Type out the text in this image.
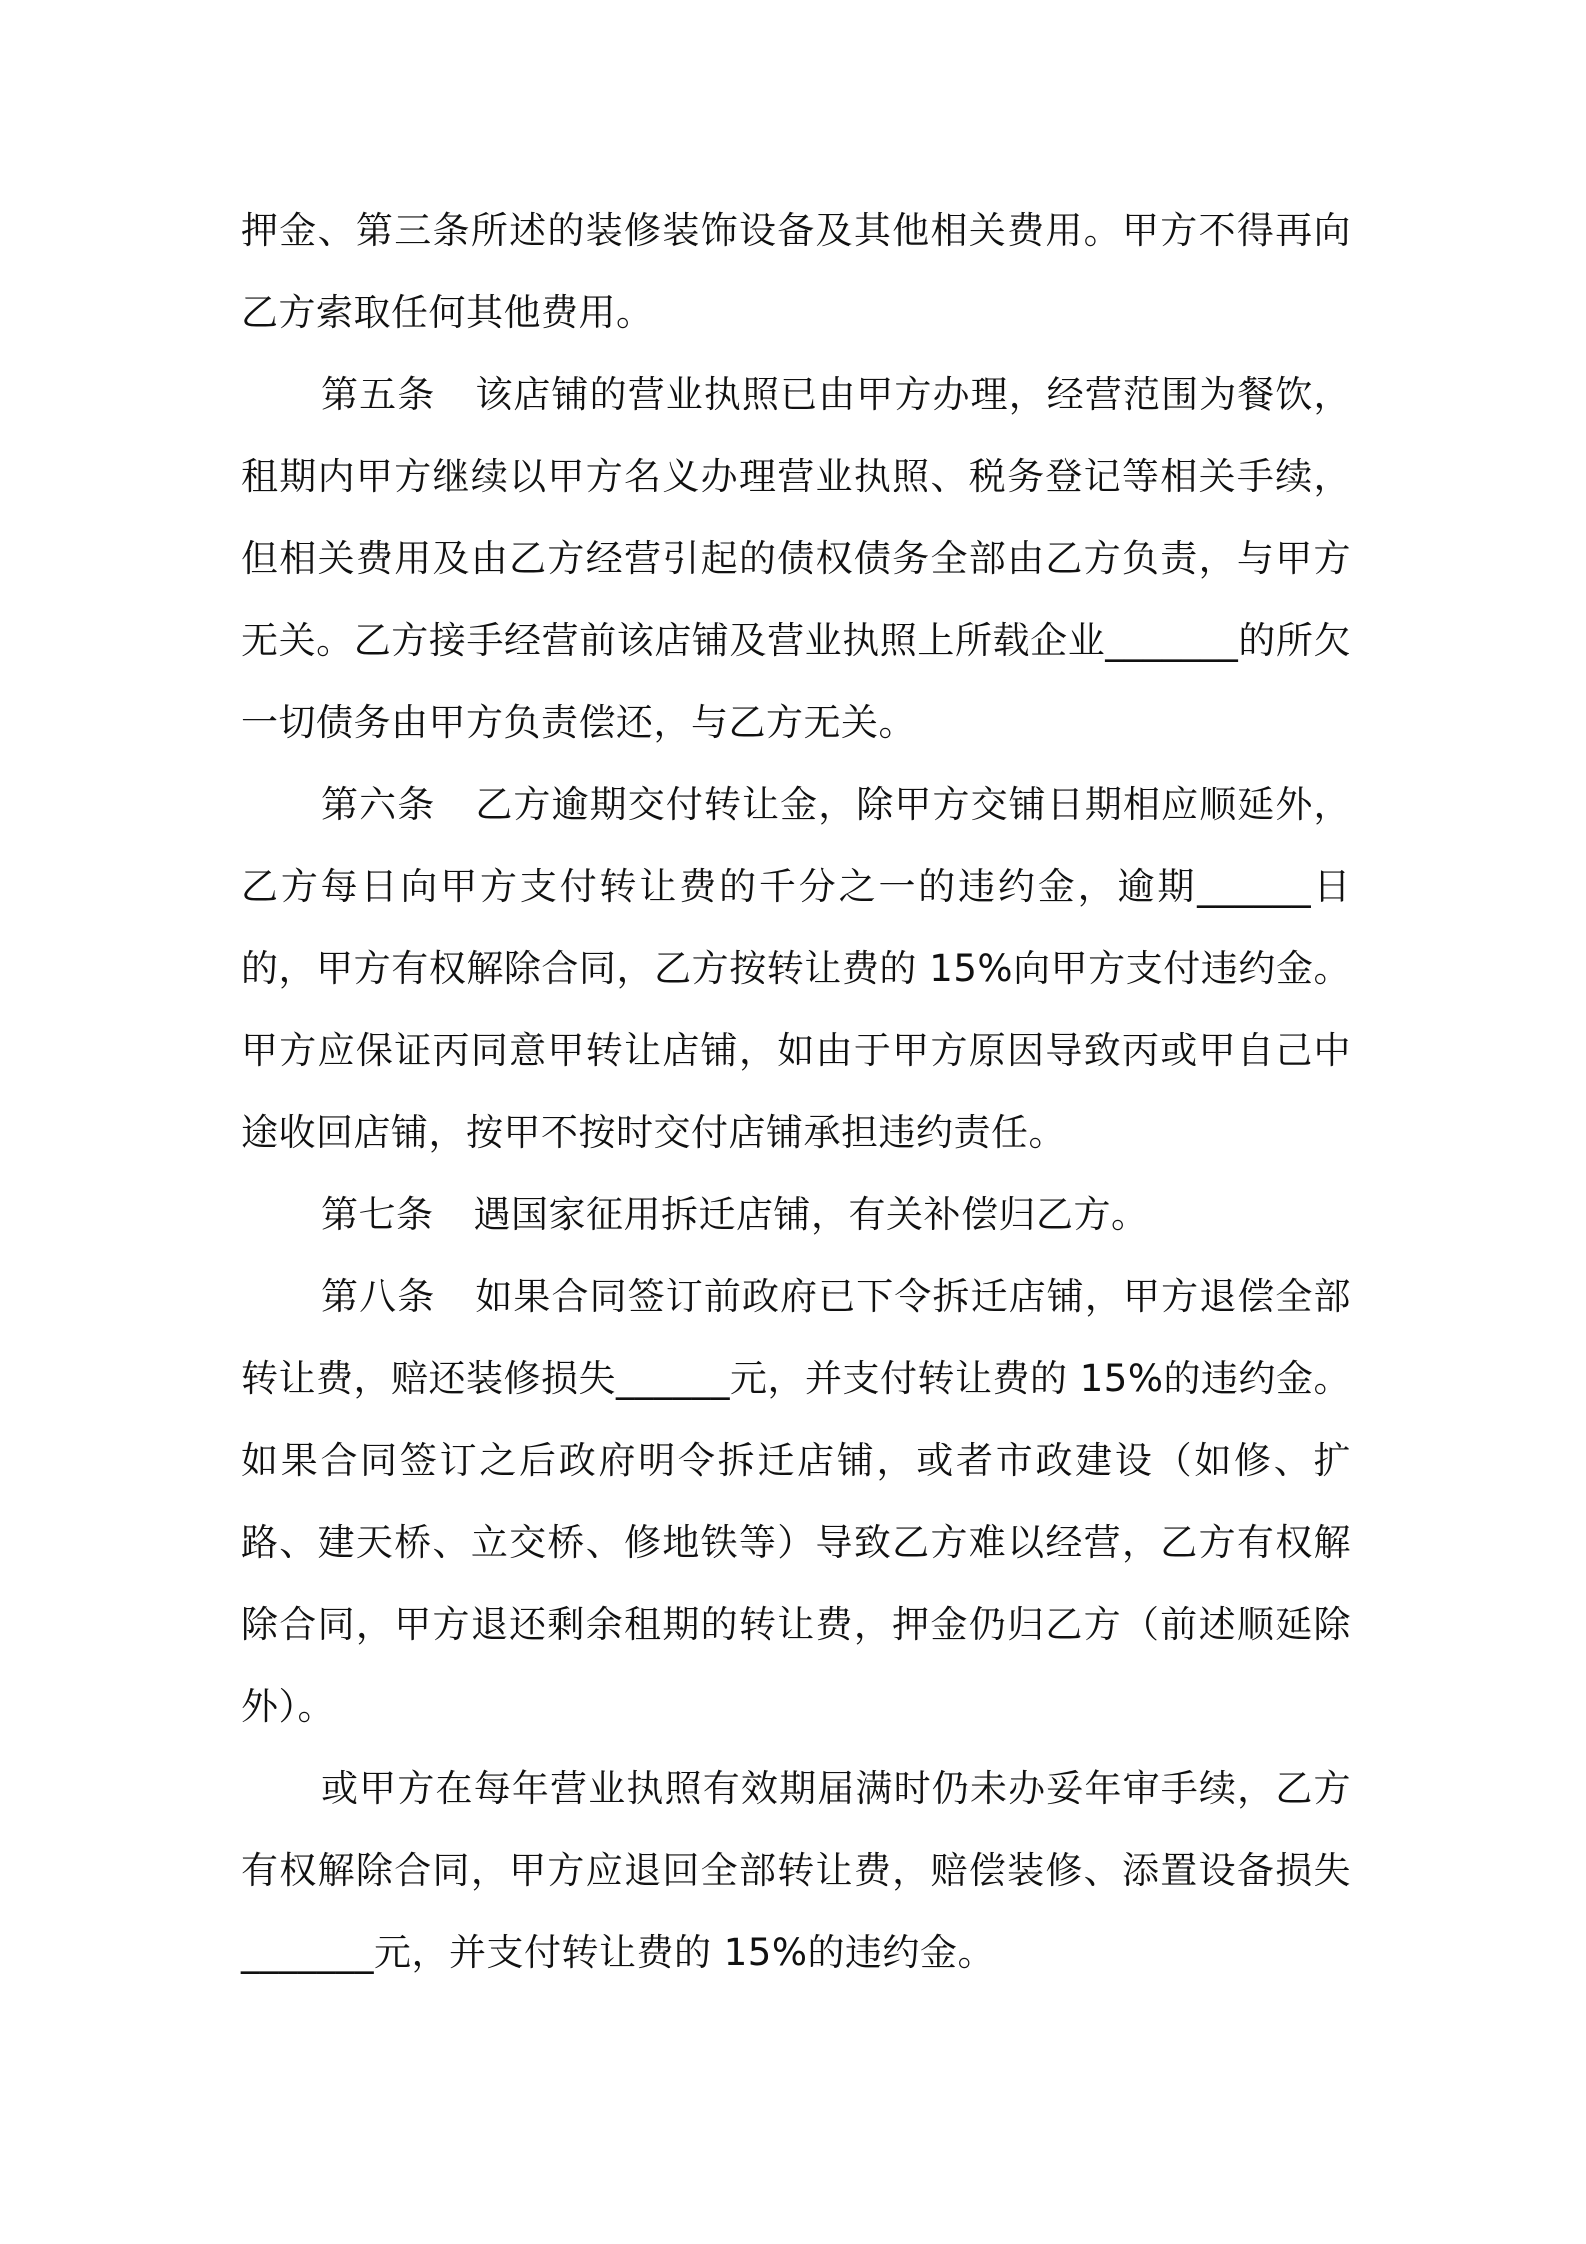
押金、第三条所述的装修装饰设备及其他相关费用。甲方不得再向乙方索取任何其他费用。

第五条 该店铺的营业执照已由甲方办理，经营范围为餐饮，租期内甲方继续以甲方名义办理营业执照、税务登记等相关手续，但相关费用及由乙方经营引起的债权债务全部由乙方负责，与甲方无关。乙方接手经营前该店铺及营业执照上所载企业_______的所欠一切债务由甲方负责偿还，与乙方无关。

第六条 乙方逾期交付转让金，除甲方交铺日期相应顺延外，乙方每日向甲方支付转让费的千分之一的违约金，逾期______日的，甲方有权解除合同，乙方按转让费的 15%向甲方支付违约金。甲方应保证丙同意甲转让店铺，如由于甲方原因导致丙或甲自己中途收回店铺，按甲不按时交付店铺承担违约责任。

第七条 遇国家征用拆迁店铺，有关补偿归乙方。

第八条 如果合同签订前政府已下令拆迁店铺，甲方退偿全部转让费，赔还装修损失______元，并支付转让费的 15%的违约金。如果合同签订之后政府明令拆迁店铺，或者市政建设（如修、扩路、建天桥、立交桥、修地铁等）导致乙方难以经营，乙方有权解除合同，甲方退还剩余租期的转让费，押金仍归乙方（前述顺延除外）。

或甲方在每年营业执照有效期届满时仍未办妥年审手续，乙方有权解除合同，甲方应退回全部转让费，赔偿装修、添置设备损失_______元，并支付转让费的 15%的违约金。
